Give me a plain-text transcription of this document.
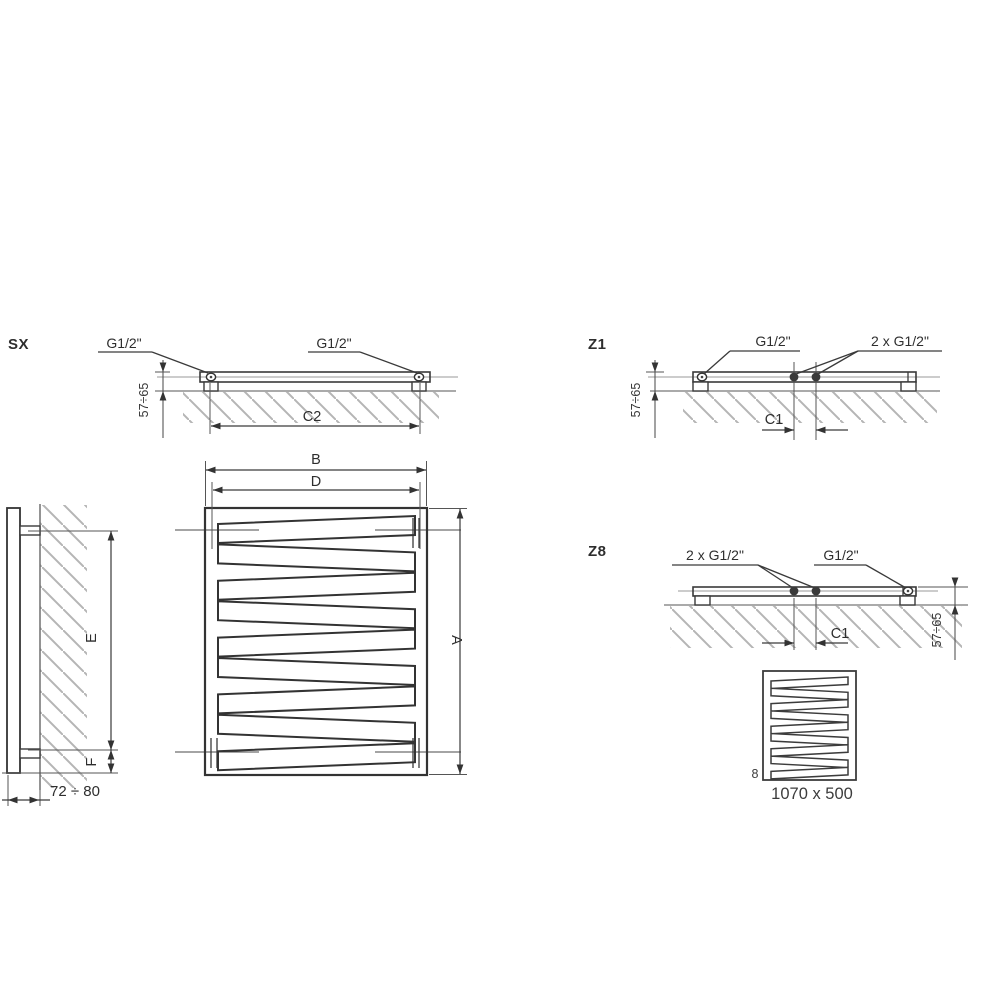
SX	G1/2"	G1/2"
57÷65	C2
Z1	G1/2"	2 x G1/2"
57÷65
C1
Z8	2 x G1/2"	G1/2"
57÷65
C1
B
D
A
E
F
72 ÷ 80
8
1070 x 500
